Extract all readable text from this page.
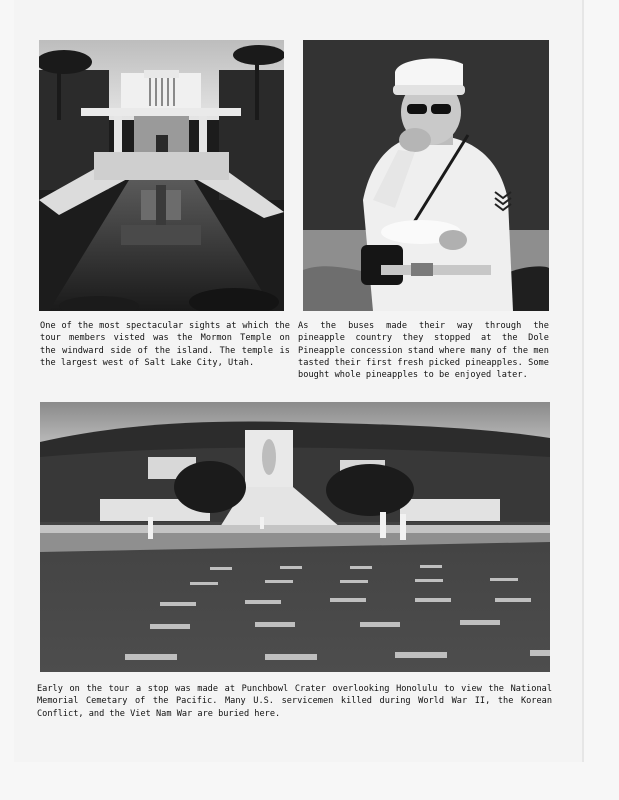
One of the most spectacular sights at which the tour members visted was the Mormon Temple on the windward side of the island. The temple is the largest west of Salt Lake City, Utah.

As the buses made their way through the pineapple country they stopped at the Dole Pineapple concession stand where many of the men tasted their first fresh picked pineapples. Some bought whole pineapples to be enjoyed later.

Early on the tour a stop was made at Punchbowl Crater overlooking Honolulu to view the National Memorial Cemetary of the Pacific. Many U.S. servicemen killed during World War II, the Korean Conflict, and the Viet Nam War are buried here.
